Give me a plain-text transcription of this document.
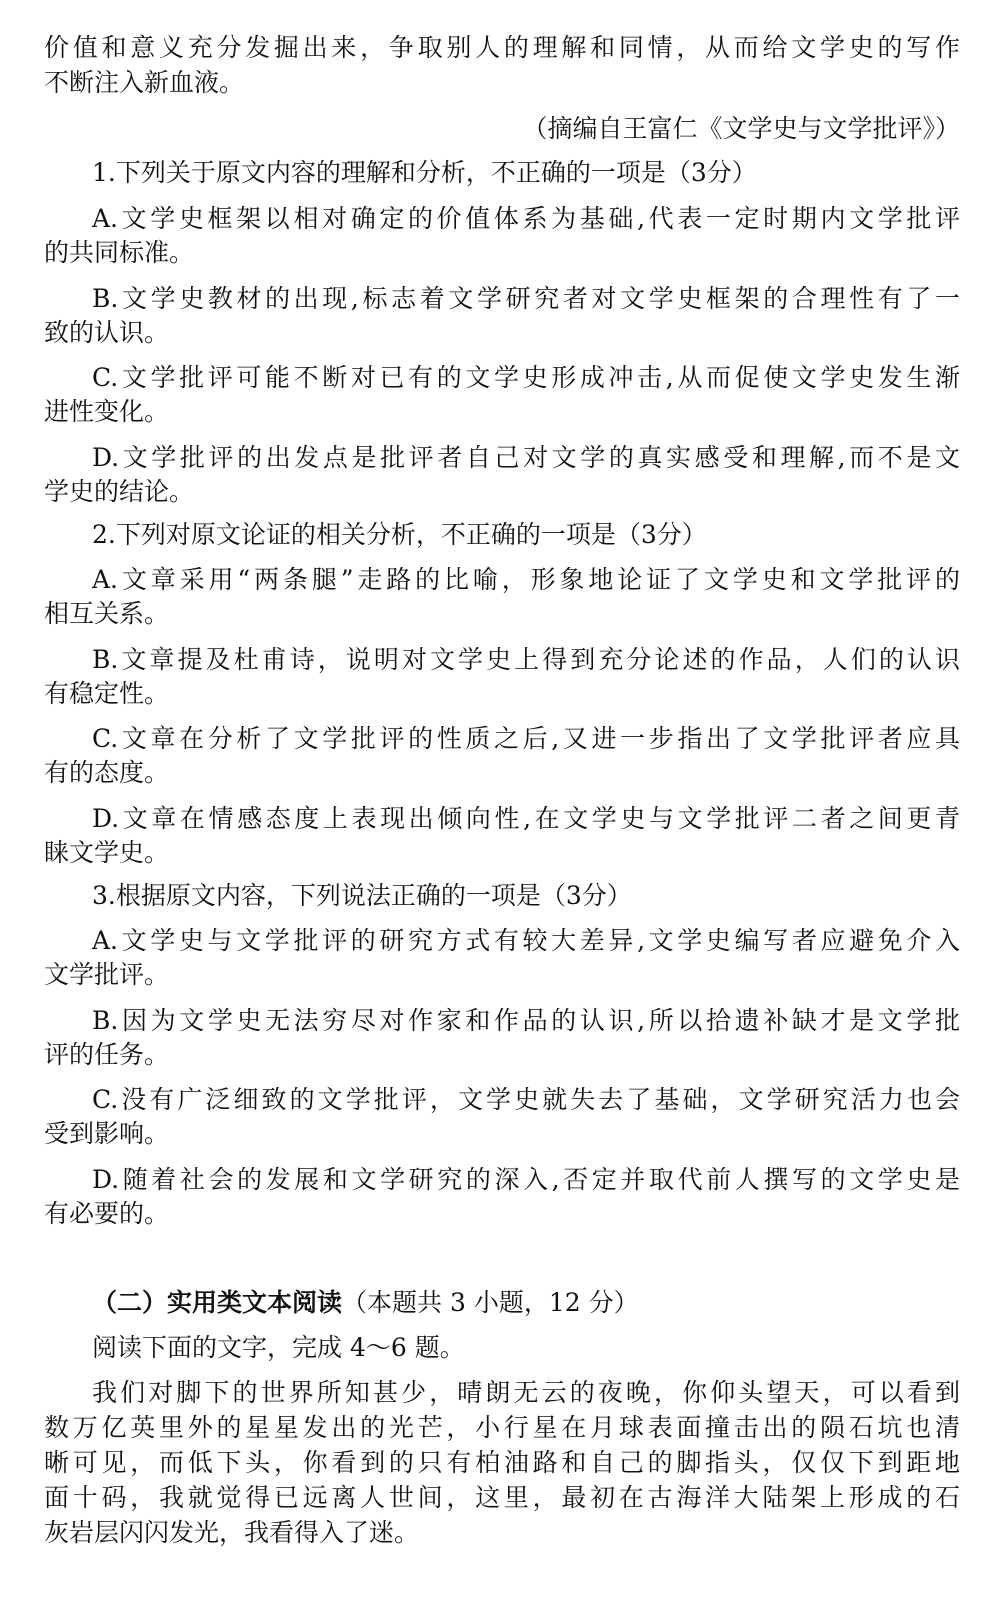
价值和意义充分发掘出来，争取别人的理解和同情，从而给文学史的写作
不断注入新血液。
（摘编自王富仁《文学史与文学批评》）
1.下列关于原文内容的理解和分析，不正确的一项是（3分）
A.文学史框架以相对确定的价值体系为基础,代表一定时期内文学批评
的共同标准。
B.文学史教材的出现,标志着文学研究者对文学史框架的合理性有了一
致的认识。
C.文学批评可能不断对已有的文学史形成冲击,从而促使文学史发生渐
进性变化。
D.文学批评的出发点是批评者自己对文学的真实感受和理解,而不是文
学史的结论。
2.下列对原文论证的相关分析，不正确的一项是（3分）
A.文章采用“两条腿”走路的比喻，形象地论证了文学史和文学批评的
相互关系。
B.文章提及杜甫诗，说明对文学史上得到充分论述的作品，人们的认识
有稳定性。
C.文章在分析了文学批评的性质之后,又进一步指出了文学批评者应具
有的态度。
D.文章在情感态度上表现出倾向性,在文学史与文学批评二者之间更青
睐文学史。
3.根据原文内容，下列说法正确的一项是（3分）
A.文学史与文学批评的研究方式有较大差异,文学史编写者应避免介入
文学批评。
B.因为文学史无法穷尽对作家和作品的认识,所以拾遗补缺才是文学批
评的任务。
C.没有广泛细致的文学批评，文学史就失去了基础，文学研究活力也会
受到影响。
D.随着社会的发展和文学研究的深入,否定并取代前人撰写的文学史是
有必要的。
（二）实用类文本阅读（本题共 3 小题，12 分）
阅读下面的文字，完成 4～6 题。
我们对脚下的世界所知甚少，晴朗无云的夜晚，你仰头望天，可以看到
数万亿英里外的星星发出的光芒，小行星在月球表面撞击出的陨石坑也清
晰可见，而低下头，你看到的只有柏油路和自己的脚指头，仅仅下到距地
面十码，我就觉得已远离人世间，这里，最初在古海洋大陆架上形成的石
灰岩层闪闪发光，我看得入了迷。
